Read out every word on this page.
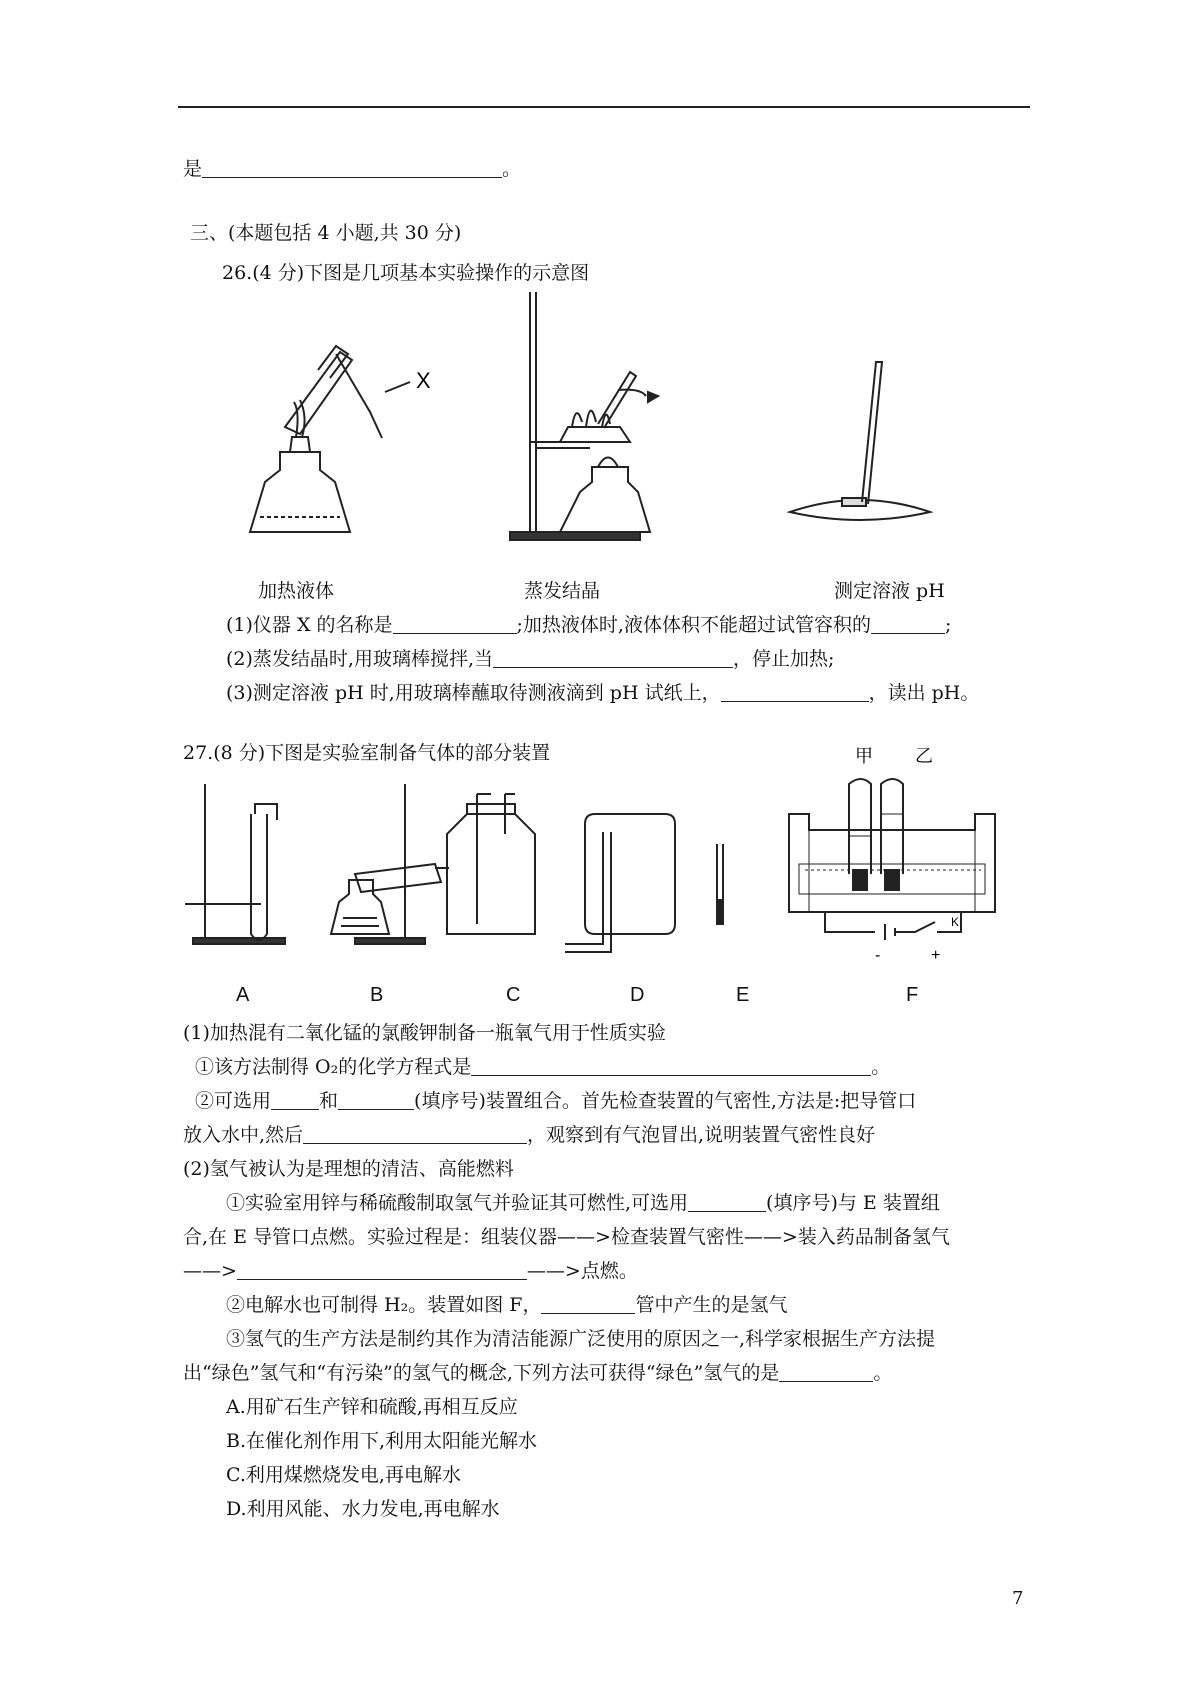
是	。
三、(本题包括 4 小题,共 30 分)
26.(4 分)下图是几项基本实验操作的示意图
X
加热液体	蒸发结晶	测定溶液 pH
(1)仪器 X 的名称是	;加热液体时,液体体积不能超过试管容积的	;
(2)蒸发结晶时,用玻璃棒搅拌,当	，停止加热;
(3)测定溶液 pH 时,用玻璃棒蘸取待测液滴到 pH 试纸上，	，读出 pH。
27.(8 分)下图是实验室制备气体的部分装置	甲 乙
K
-	+
A	B	C	D	E	F
(1)加热混有二氧化锰的氯酸钾制备一瓶氧气用于性质实验
①该方法制得 O₂的化学方程式是	。
②可选用	和	(填序号)装置组合。首先检查装置的气密性,方法是:把导管口
放入水中,然后	，观察到有气泡冒出,说明装置气密性良好
(2)氢气被认为是理想的清洁、高能燃料
①实验室用锌与稀硫酸制取氢气并验证其可燃性,可选用	(填序号)与 E 装置组
合,在 E 导管口点燃。实验过程是：组装仪器——>检查装置气密性——>装入药品制备氢气
——>	——>点燃。
②电解水也可制得 H₂。装置如图 F，	管中产生的是氢气
③氢气的生产方法是制约其作为清洁能源广泛使用的原因之一,科学家根据生产方法提
出“绿色”氢气和“有污染”的氢气的概念,下列方法可获得“绿色”氢气的是	。
A.用矿石生产锌和硫酸,再相互反应
B.在催化剂作用下,利用太阳能光解水
C.利用煤燃烧发电,再电解水
D.利用风能、水力发电,再电解水
7
